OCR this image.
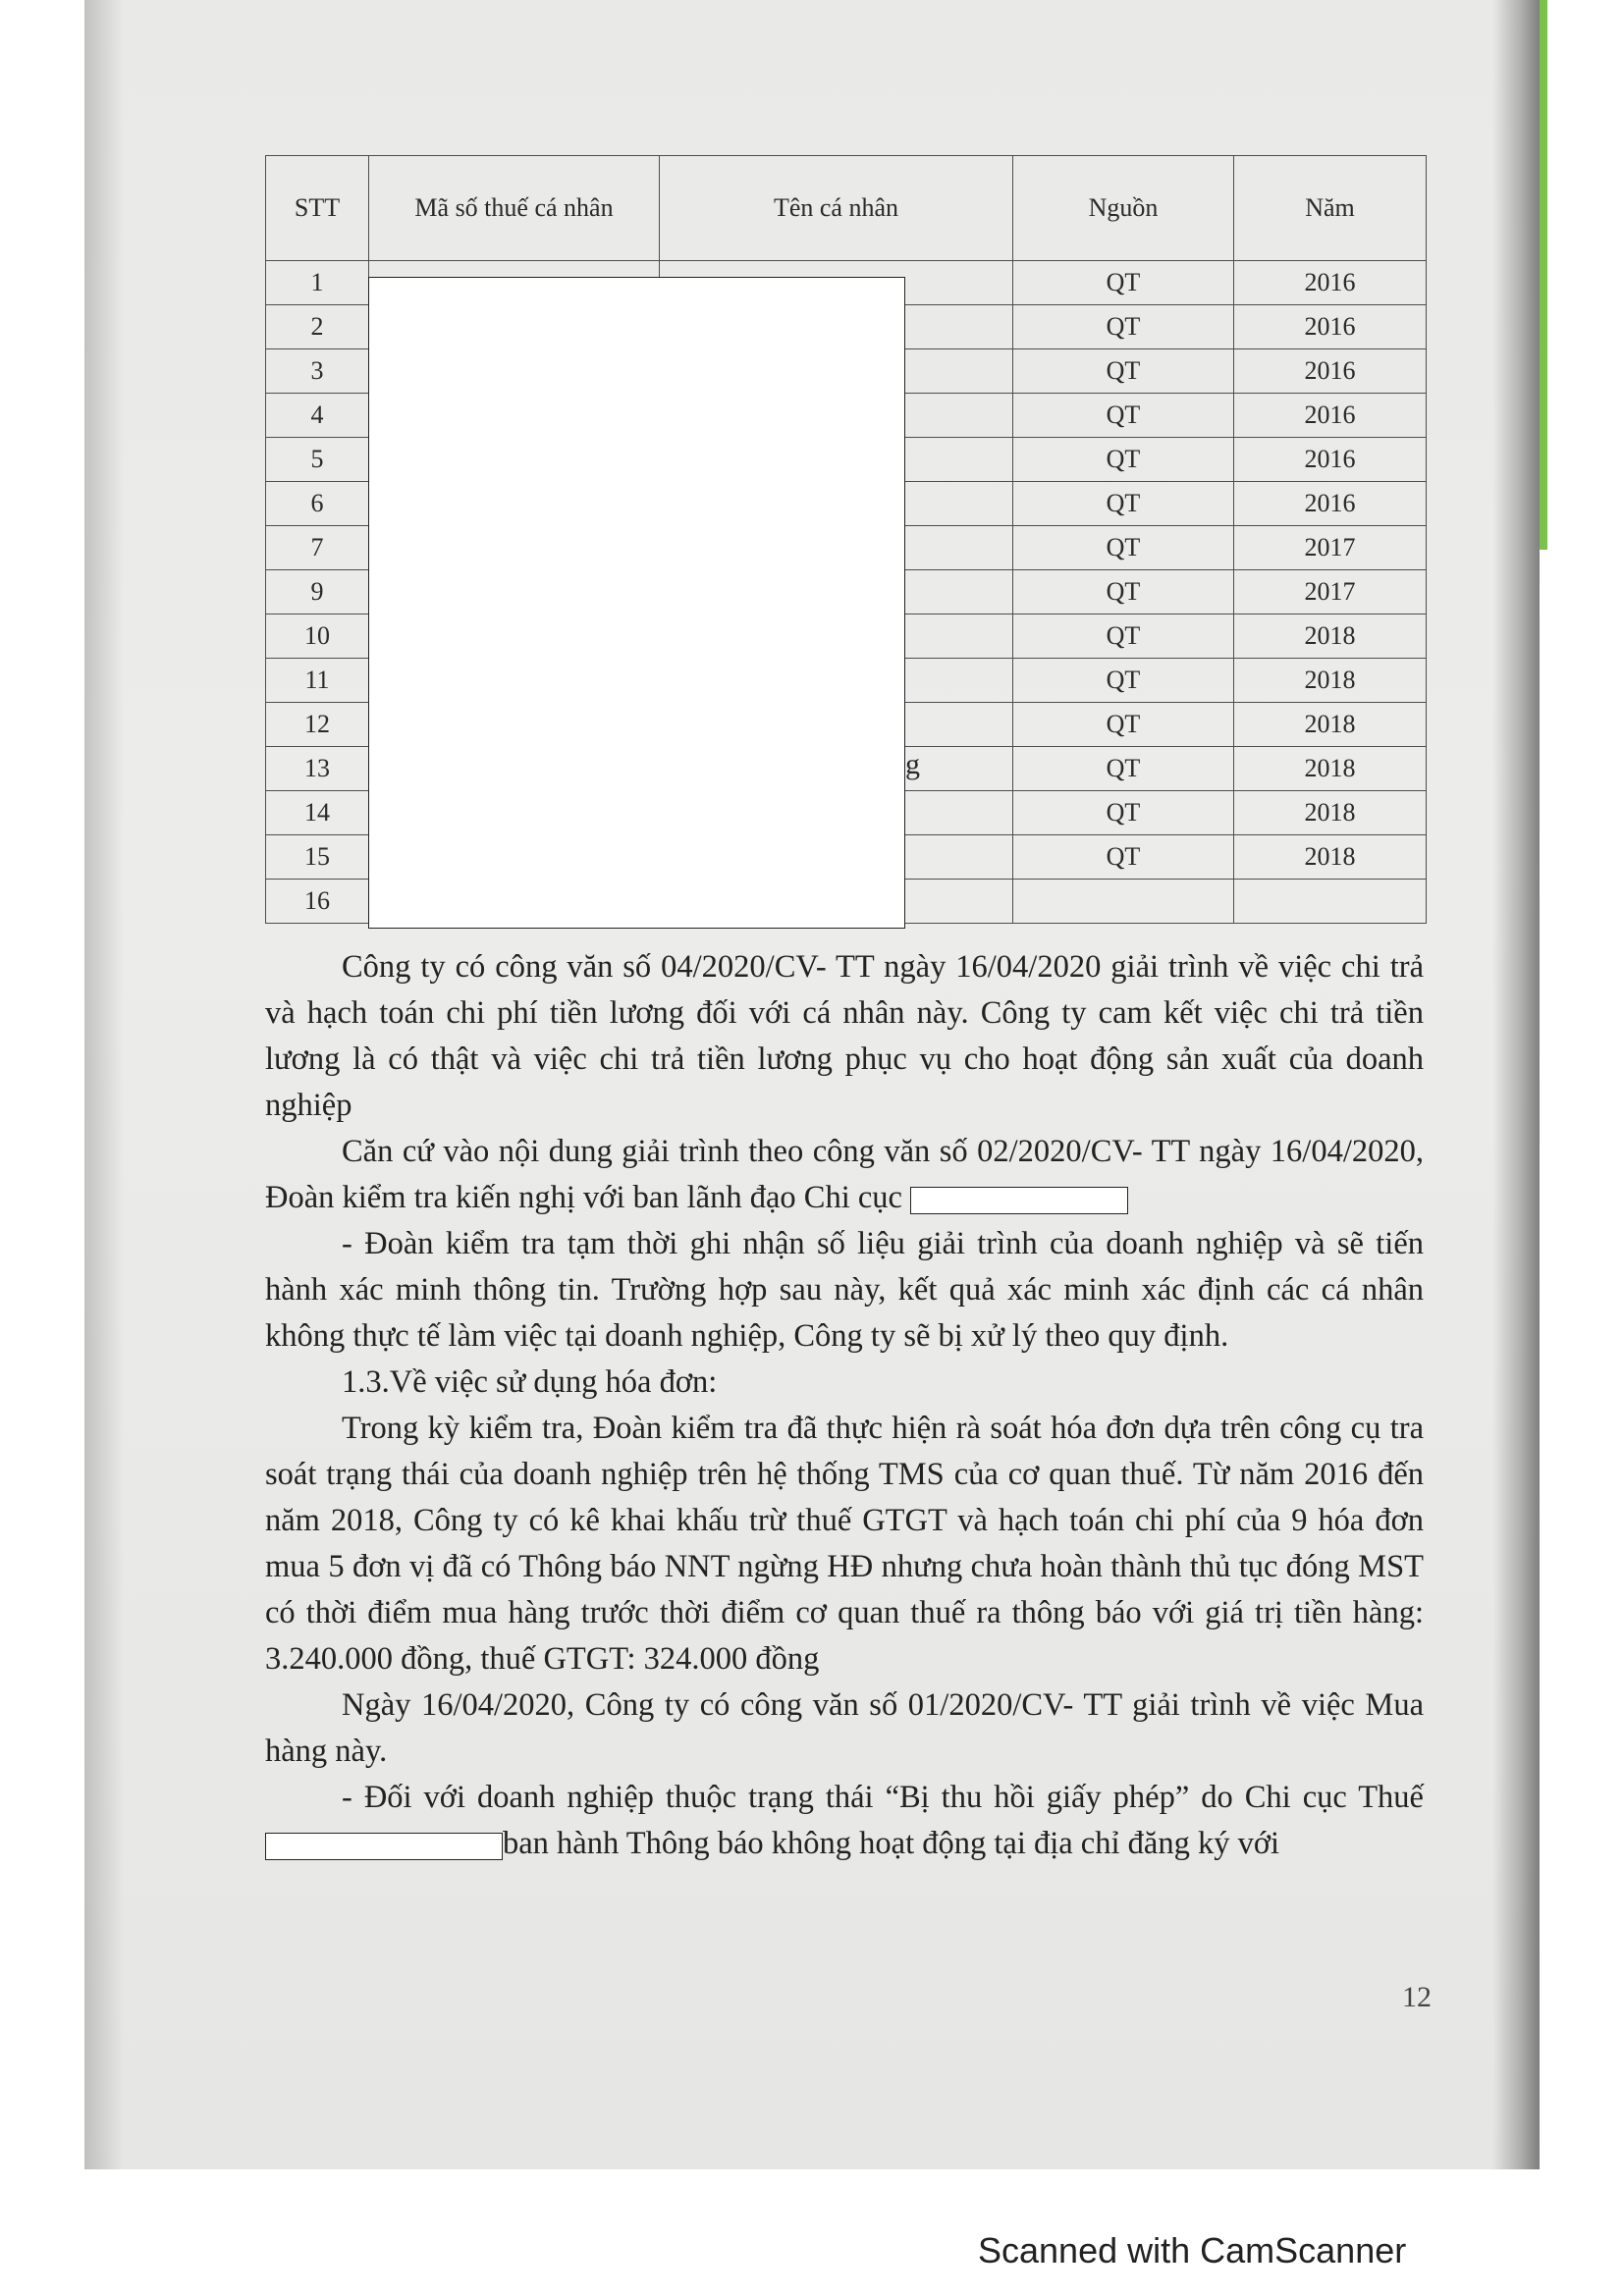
STT	Mã số thuế cá nhân	Tên cá nhân	Nguồn	Năm
1			QT	2016
2			QT	2016
3			QT	2016
4			QT	2016
5			QT	2016
6			QT	2016
7			QT	2017
9			QT	2017
10			QT	2018
11			QT	2018
12			QT	2018
13			QT	2018
14			QT	2018
15			QT	2018
16				
g

Công ty có công văn số 04/2020/CV- TT ngày 16/04/2020 giải trình về việc chi trả và hạch toán chi phí tiền lương đối với cá nhân này. Công ty cam kết việc chi trả tiền lương là có thật và việc chi trả tiền lương phục vụ cho hoạt động sản xuất của doanh nghiệp

Căn cứ vào nội dung giải trình theo công văn số 02/2020/CV- TT ngày 16/04/2020, Đoàn kiểm tra kiến nghị với ban lãnh đạo Chi cục

- Đoàn kiểm tra tạm thời ghi nhận số liệu giải trình của doanh nghiệp và sẽ tiến hành xác minh thông tin. Trường hợp sau này, kết quả xác minh xác định các cá nhân không thực tế làm việc tại doanh nghiệp, Công ty sẽ bị xử lý theo quy định.

1.3.Về việc sử dụng hóa đơn:

Trong kỳ kiểm tra, Đoàn kiểm tra đã thực hiện rà soát hóa đơn dựa trên công cụ tra soát trạng thái của doanh nghiệp trên hệ thống TMS của cơ quan thuế. Từ năm 2016 đến năm 2018, Công ty có kê khai khấu trừ thuế GTGT và hạch toán chi phí của 9 hóa đơn mua 5 đơn vị đã có Thông báo NNT ngừng HĐ nhưng chưa hoàn thành thủ tục đóng MST có thời điểm mua hàng trước thời điểm cơ quan thuế ra thông báo với giá trị tiền hàng: 3.240.000 đồng, thuế GTGT: 324.000 đồng

Ngày 16/04/2020, Công ty có công văn số 01/2020/CV- TT giải trình về việc Mua hàng này.

- Đối với doanh nghiệp thuộc trạng thái “Bị thu hồi giấy phép” do Chi cục Thuếban hành Thông báo không hoạt động tại địa chỉ đăng ký với

12
Scanned with CamScanner
